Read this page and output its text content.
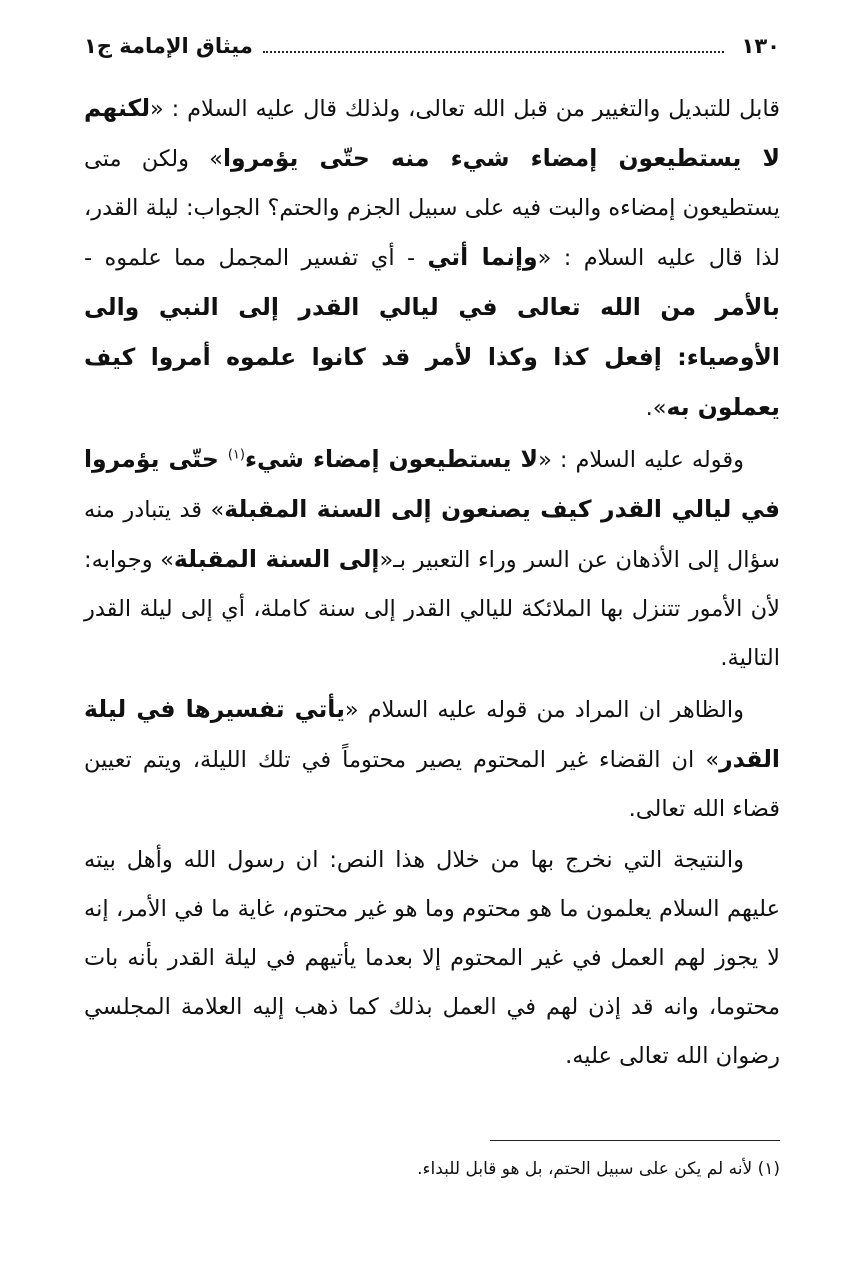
١٣٠
ميثاق الإمامة ج١

قابل للتبديل والتغيير من قبل الله تعالى، ولذلك قال عليه السلام : «لكنهم لا يستطيعون إمضاء شيء منه حتّى يؤمروا» ولكن متى يستطيعون إمضاءه والبت فيه على سبيل الجزم والحتم؟ الجواب: ليلة القدر، لذا قال عليه السلام : «وإنما أتي - أي تفسير المجمل مما علموه - بالأمر من الله تعالى في ليالي القدر إلى النبي والى الأوصياء: إفعل كذا وكذا لأمر قد كانوا علموه أمروا كيف يعملون به».

وقوله عليه السلام : «لا يستطيعون إمضاء شيء$^{(١)}$ حتّى يؤمروا في ليالي القدر كيف يصنعون إلى السنة المقبلة» قد يتبادر منه سؤال إلى الأذهان عن السر وراء التعبير بـ«إلى السنة المقبلة» وجوابه: لأن الأمور تتنزل بها الملائكة لليالي القدر إلى سنة كاملة، أي إلى ليلة القدر التالية.

والظاهر ان المراد من قوله عليه السلام «يأتي تفسيرها في ليلة القدر» ان القضاء غير المحتوم يصير محتوماً في تلك الليلة، ويتم تعيين قضاء الله تعالى.

والنتيجة التي نخرج بها من خلال هذا النص: ان رسول الله وأهل بيته عليهم السلام يعلمون ما هو محتوم وما هو غير محتوم، غاية ما في الأمر، إنه لا يجوز لهم العمل في غير المحتوم إلا بعدما يأتيهم في ليلة القدر بأنه بات محتوما، وانه قد إذن لهم في العمل بذلك كما ذهب إليه العلامة المجلسي رضوان الله تعالى عليه.

(١) لأنه لم يكن على سبيل الحتم، بل هو قابل للبداء.
